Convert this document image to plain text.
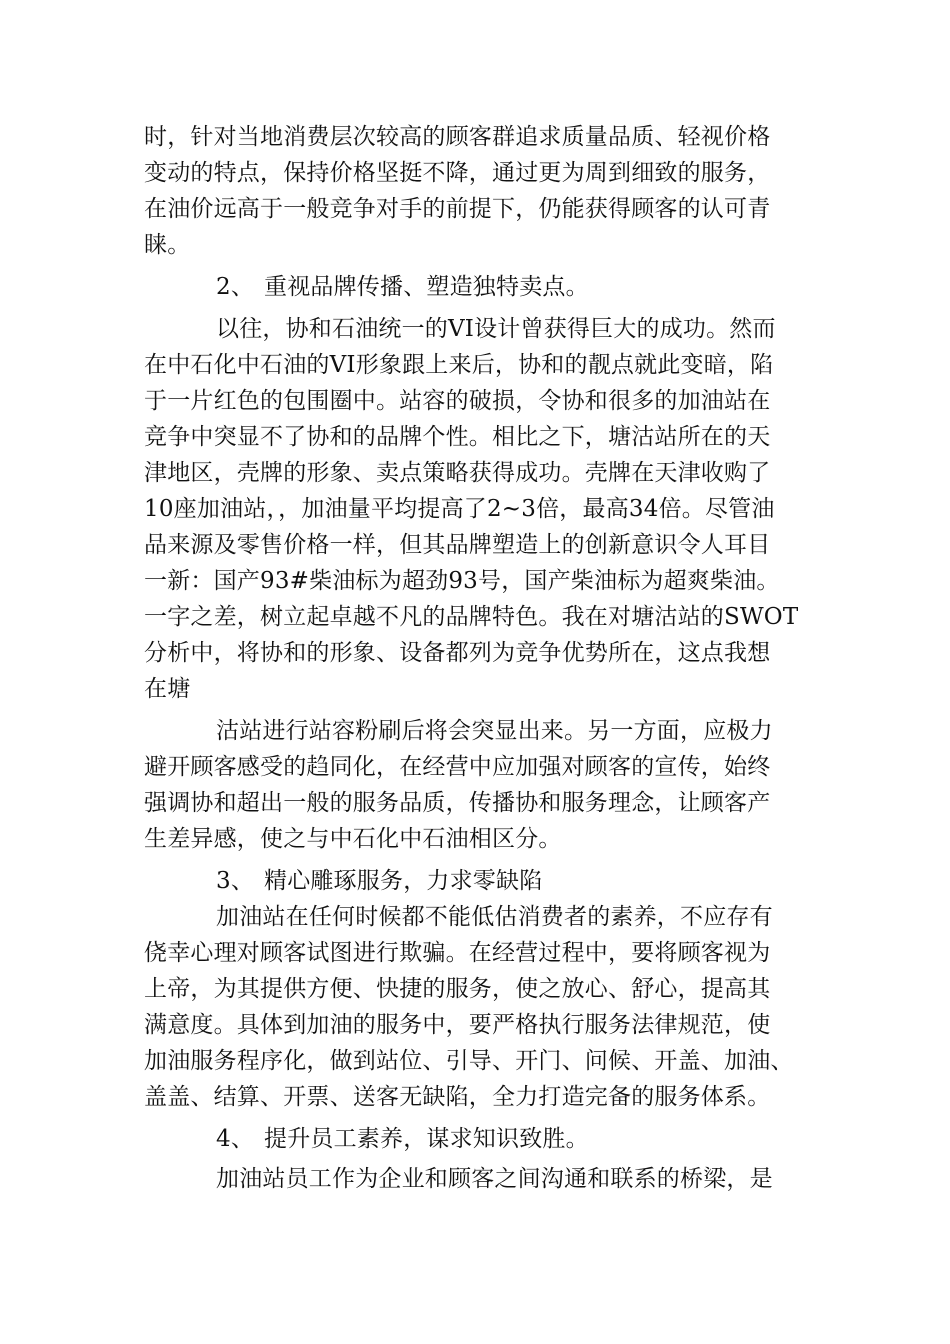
时，针对当地消费层次较高的顾客群追求质量品质、轻视价格
变动的特点，保持价格坚挺不降，通过更为周到细致的服务，
在油价远高于一般竞争对手的前提下，仍能获得顾客的认可青
睐。
2、 重视品牌传播、塑造独特卖点。
以往，协和石油统一的VI设计曾获得巨大的成功。然而
在中石化中石油的VI形象跟上来后，协和的靓点就此变暗，陷
于一片红色的包围圈中。站容的破损，令协和很多的加油站在
竞争中突显不了协和的品牌个性。相比之下，塘沽站所在的天
津地区，壳牌的形象、卖点策略获得成功。壳牌在天津收购了
10座加油站，，加油量平均提高了2~3倍，最高34倍。尽管油
品来源及零售价格一样，但其品牌塑造上的创新意识令人耳目
一新：国产93#柴油标为超劲93号，国产柴油标为超爽柴油。
一字之差，树立起卓越不凡的品牌特色。我在对塘沽站的SWOT
分析中，将协和的形象、设备都列为竞争优势所在，这点我想
在塘
沽站进行站容粉刷后将会突显出来。另一方面，应极力
避开顾客感受的趋同化，在经营中应加强对顾客的宣传，始终
强调协和超出一般的服务品质，传播协和服务理念，让顾客产
生差异感，使之与中石化中石油相区分。
3、 精心雕琢服务，力求零缺陷
加油站在任何时候都不能低估消费者的素养，不应存有
侥幸心理对顾客试图进行欺骗。在经营过程中，要将顾客视为
上帝，为其提供方便、快捷的服务，使之放心、舒心，提高其
满意度。具体到加油的服务中，要严格执行服务法律规范，使
加油服务程序化，做到站位、引导、开门、问候、开盖、加油、
盖盖、结算、开票、送客无缺陷，全力打造完备的服务体系。
4、 提升员工素养，谋求知识致胜。
加油站员工作为企业和顾客之间沟通和联系的桥梁，是
